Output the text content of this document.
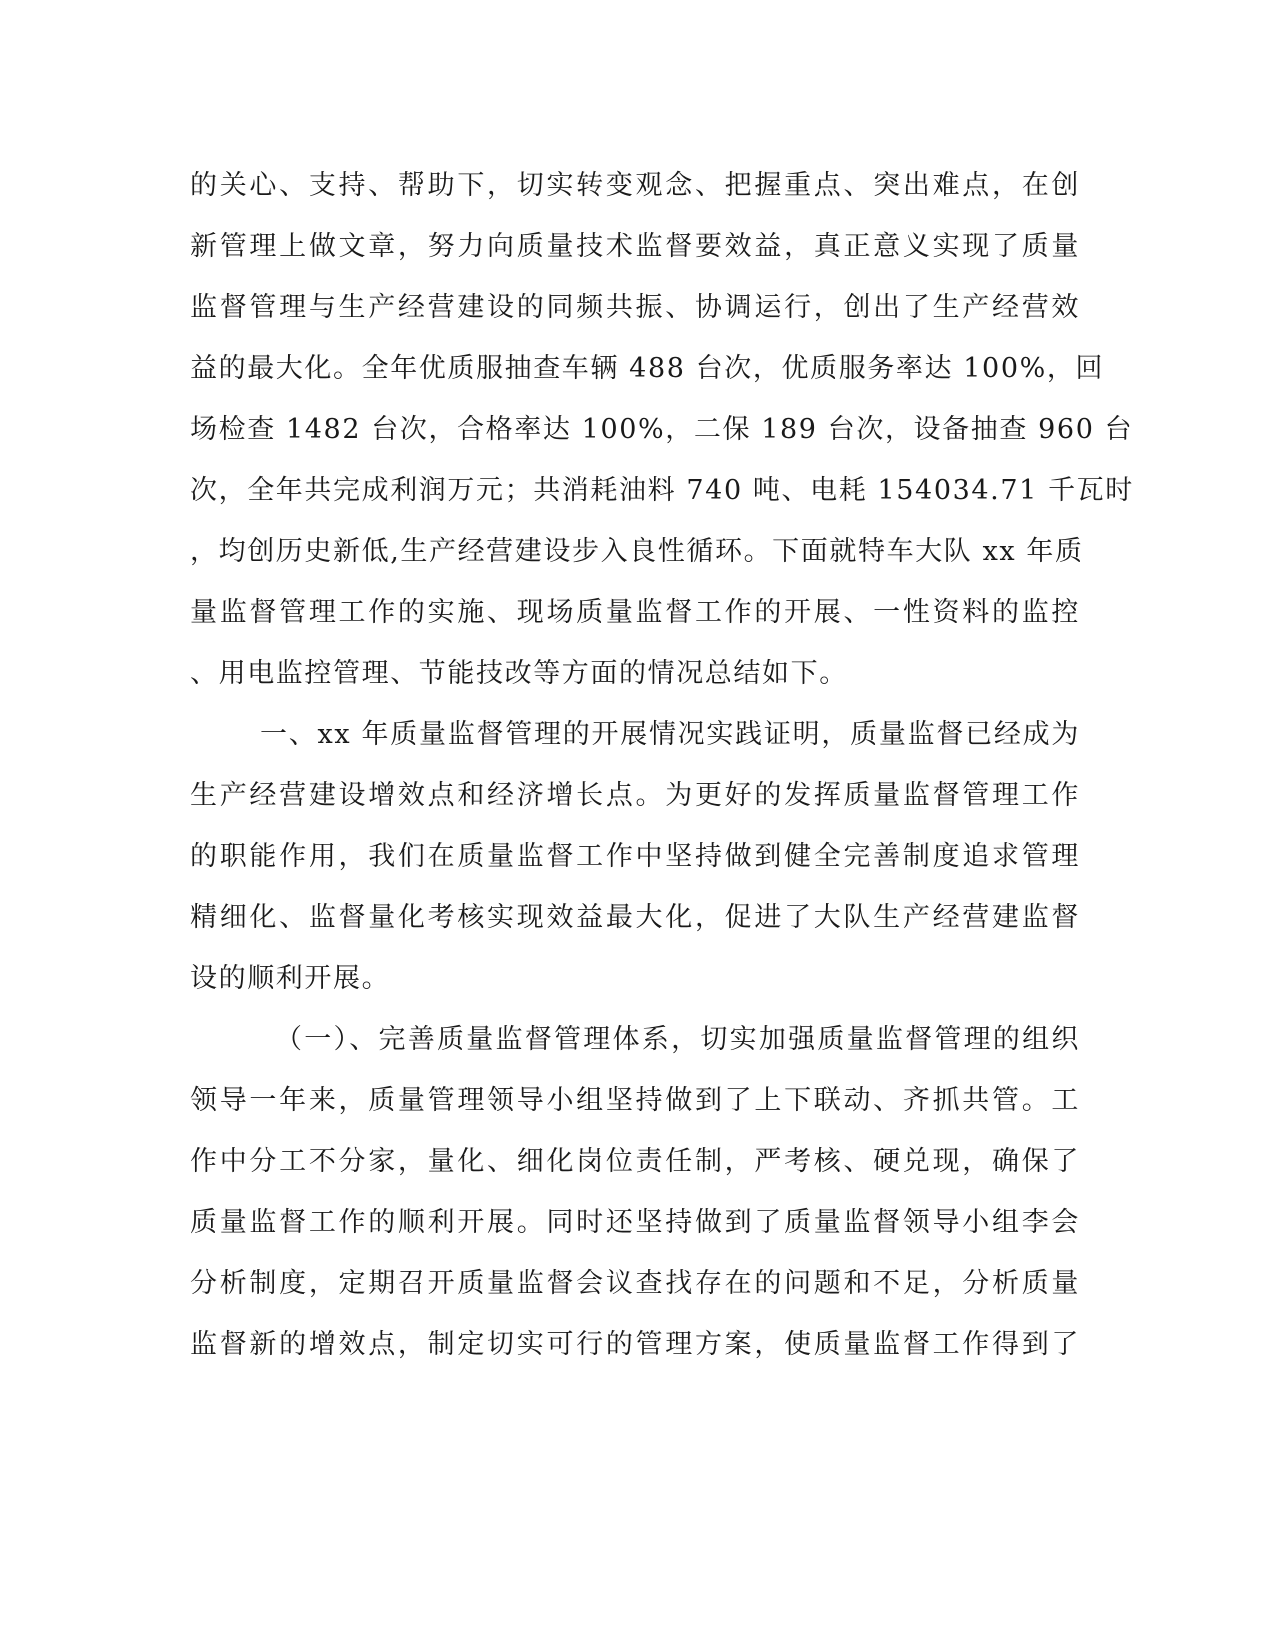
的关心、支持、帮助下，切实转变观念、把握重点、突出难点，在创
新管理上做文章，努力向质量技术监督要效益，真正意义实现了质量
监督管理与生产经营建设的同频共振、协调运行，创出了生产经营效
益的最大化。全年优质服抽查车辆 488 台次，优质服务率达 100%，回
场检查 1482 台次，合格率达 100%，二保 189 台次，设备抽查 960 台
次，全年共完成利润万元；共消耗油料 740 吨、电耗 154034.71 千瓦时
，均创历史新低,生产经营建设步入良性循环。下面就特车大队 xx 年质
量监督管理工作的实施、现场质量监督工作的开展、一性资料的监控
、用电监控管理、节能技改等方面的情况总结如下。
一、xx 年质量监督管理的开展情况实践证明，质量监督已经成为
生产经营建设增效点和经济增长点。为更好的发挥质量监督管理工作
的职能作用，我们在质量监督工作中坚持做到健全完善制度追求管理
精细化、监督量化考核实现效益最大化，促进了大队生产经营建监督
设的顺利开展。
（一）、完善质量监督管理体系，切实加强质量监督管理的组织
领导一年来，质量管理领导小组坚持做到了上下联动、齐抓共管。工
作中分工不分家，量化、细化岗位责任制，严考核、硬兑现，确保了
质量监督工作的顺利开展。同时还坚持做到了质量监督领导小组李会
分析制度，定期召开质量监督会议查找存在的问题和不足，分析质量
监督新的增效点，制定切实可行的管理方案，使质量监督工作得到了
